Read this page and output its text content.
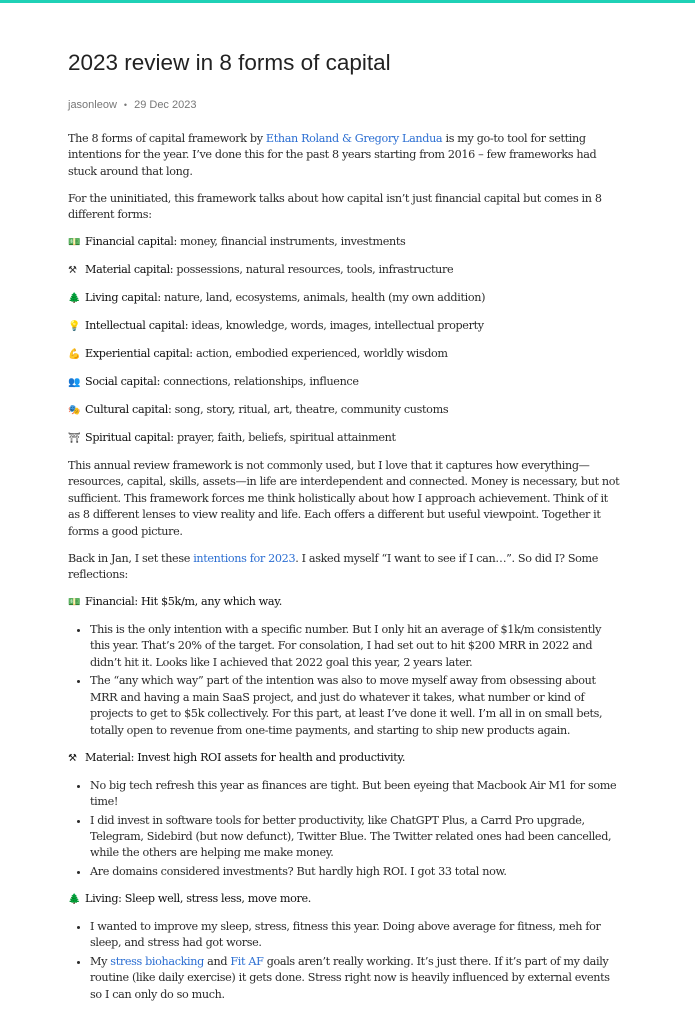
2023 review in 8 forms of capital
jasonleow • 29 Dec 2023

The 8 forms of capital framework by Ethan Roland & Gregory Landua is my go-to tool for setting intentions for the year. I’ve done this for the past 8 years starting from 2016 – few frameworks had stuck around that long.

For the uninitiated, this framework talks about how capital isn’t just financial capital but comes in 8 different forms:

💵 Financial capital: money, financial instruments, investments
⚒ Material capital: possessions, natural resources, tools, infrastructure
🌲 Living capital: nature, land, ecosystems, animals, health (my own addition)
💡 Intellectual capital: ideas, knowledge, words, images, intellectual property
💪 Experiential capital: action, embodied experienced, worldly wisdom
👥 Social capital: connections, relationships, influence
🎭 Cultural capital: song, story, ritual, art, theatre, community customs
⛩ Spiritual capital: prayer, faith, beliefs, spiritual attainment

This annual review framework is not commonly used, but I love that it captures how everything—resources, capital, skills, assets—in life are interdependent and connected. Money is necessary, but not sufficient. This framework forces me think holistically about how I approach achievement. Think of it as 8 different lenses to view reality and life. Each offers a different but useful viewpoint. Together it forms a good picture.

Back in Jan, I set these intentions for 2023. I asked myself “I want to see if I can…”. So did I? Some reflections:

💵 Financial: Hit $5k/m, any which way.
• This is the only intention with a specific number. But I only hit an average of $1k/m consistently this year. That’s 20% of the target. For consolation, I had set out to hit $200 MRR in 2022 and didn’t hit it. Looks like I achieved that 2022 goal this year, 2 years later.
• The “any which way” part of the intention was also to move myself away from obsessing about MRR and having a main SaaS project, and just do whatever it takes, what number or kind of projects to get to $5k collectively. For this part, at least I’ve done it well. I’m all in on small bets, totally open to revenue from one-time payments, and starting to ship new products again.
⚒ Material: Invest high ROI assets for health and productivity.
• No big tech refresh this year as finances are tight. But been eyeing that Macbook Air M1 for some time!
• I did invest in software tools for better productivity, like ChatGPT Plus, a Carrd Pro upgrade, Telegram, Sidebird (but now defunct), Twitter Blue. The Twitter related ones had been cancelled, while the others are helping me make money.
• Are domains considered investments? But hardly high ROI. I got 33 total now.
🌲 Living: Sleep well, stress less, move more.
• I wanted to improve my sleep, stress, fitness this year. Doing above average for fitness, meh for sleep, and stress had got worse.
• My stress biohacking and Fit AF goals aren’t really working. It’s just there. If it’s part of my daily routine (like daily exercise) it gets done. Stress right now is heavily influenced by external events so I can only do so much.
